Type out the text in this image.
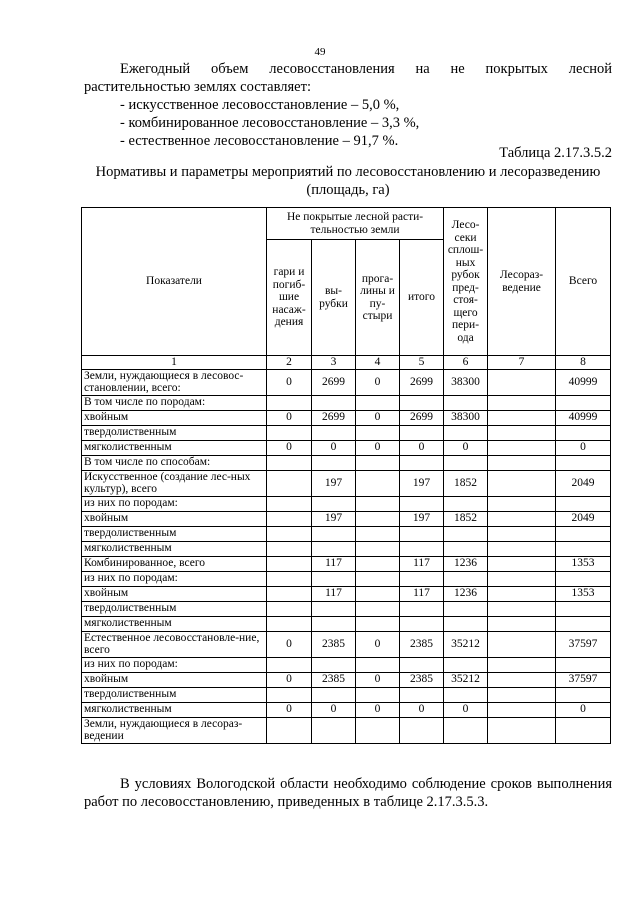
49

Ежегодный объем лесовосстановления на не покрытых лесной

растительностью землях составляет:

- искусственное лесовосстановление – 5,0 %,
- комбинированное лесовосстановление – 3,3 %,
- естественное лесовосстановление – 91,7 %.
Таблица 2.17.3.5.2
Нормативы и параметры мероприятий по лесовосстановлению и лесоразведению
(площадь, га)
Показатели	Не покрытые лесной расти-тельностью земли				Лесо-секи сплош-ных рубок пред-стоя-щего пери-ода	Лесораз-ведение	Всего
	гари и погиб-шие насаж-дения	вы-рубки	прога-лины и пу-стыри	итого			
1	2	3	4	5	6	7	8
Земли, нуждающиеся в лесовос-становлении, всего:	0	2699	0	2699	38300		40999
В том числе по породам:							
хвойным	0	2699	0	2699	38300		40999
твердолиственным							
мягколиственным	0	0	0	0	0		0
В том числе по способам:							
Искусственное (создание лес-ных культур), всего		197		197	1852		2049
из них по породам:							
хвойным		197		197	1852		2049
твердолиственным							
мягколиственным							
Комбинированное, всего		117		117	1236		1353
из них по породам:							
хвойным		117		117	1236		1353
твердолиственным							
мягколиственным							
Естественное лесовосстановле-ние, всего	0	2385	0	2385	35212		37597
из них по породам:							
хвойным	0	2385	0	2385	35212		37597
твердолиственным							
мягколиственным	0	0	0	0	0		0
Земли, нуждающиеся в лесораз-ведении							

В условиях Вологодской области необходимо соблюдение сроков выполнения работ по лесовосстановлению, приведенных в таблице 2.17.3.5.3.
